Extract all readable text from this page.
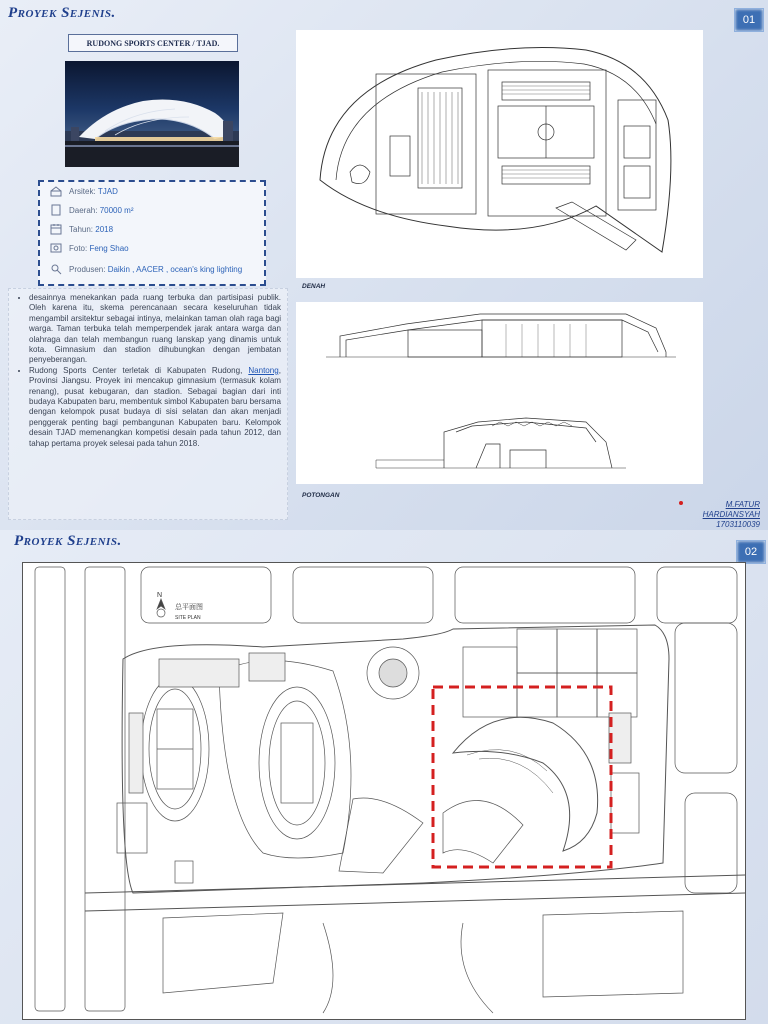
Proyek Sejenis.	01
RUDONG SPORTS CENTER / TJAD.
Arsitek:
TJAD
Daerah:
70000 m²
Tahun:
2018
Foto:
Feng Shao
Produsen:
Daikin , AACER , ocean's king lighting
• desainnya menekankan pada ruang terbuka dan partisipasi publik. Oleh karena itu, skema perencanaan secara keseluruhan tidak mengambil arsitektur sebagai intinya, melainkan taman olah raga bagi warga. Taman terbuka telah memperpendek jarak antara warga dan olahraga dan telah membangun ruang lanskap yang dinamis untuk kota. Gimnasium dan stadion dihubungkan dengan jembatan penyeberangan.
• Rudong Sports Center terletak di Kabupaten Rudong, Nantong, Provinsi Jiangsu. Proyek ini mencakup gimnasium (termasuk kolam renang), pusat kebugaran, dan stadion. Sebagai bagian dari inti budaya Kabupaten baru, membentuk simbol Kabupaten baru bersama dengan kelompok pusat budaya di sisi selatan dan akan menjadi penggerak penting bagi pembangunan Kabupaten baru. Kelompok desain TJAD memenangkan kompetisi desain pada tahun 2012, dan tahap pertama proyek selesai pada tahun 2018.
DENAH
POTONGAN
M.FATUR
HARDIANSYAH
1703110039
Proyek Sejenis.
02
N
总平面图
SITE PLAN
